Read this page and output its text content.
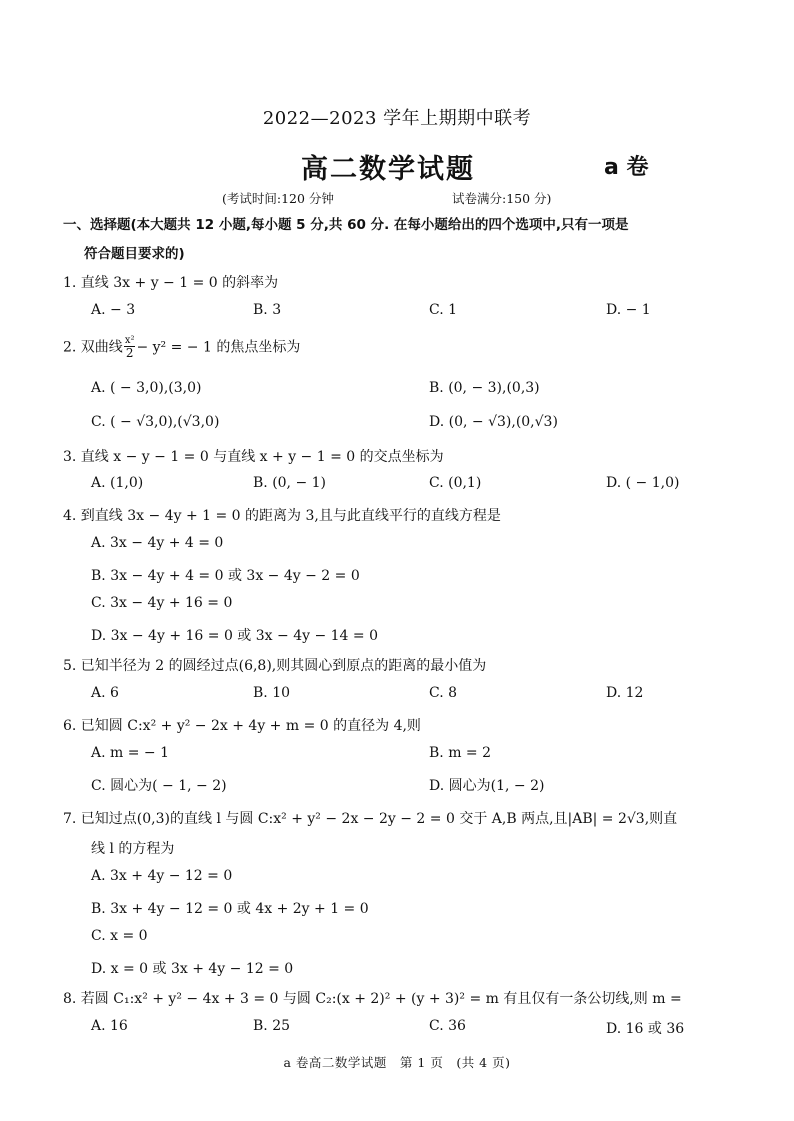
2022—2023 学年上期期中联考
高二数学试题	a 卷
(考试时间:120 分钟	试卷满分:150 分)
一、选择题(本大题共 12 小题,每小题 5 分,共 60 分. 在每小题给出的四个选项中,只有一项是
符合题目要求的)
1. 直线 3x + y − 1 = 0 的斜率为
A. − 3	B. 3	C. 1	D. − 1
2. 双曲线 $\frac{\text{x²}}{2} - y^2$ = − 1 的焦点坐标为
A. ( − 3,0),(3,0)	B. (0, − 3),(0,3)
C. ( − √3,0),(√3,0)	D. (0, − √3),(0,√3)
3. 直线 x − y − 1 = 0 与直线 x + y − 1 = 0 的交点坐标为
A. (1,0)	B. (0, − 1)	C. (0,1)	D. ( − 1,0)
4. 到直线 3x − 4y + 1 = 0 的距离为 3,且与此直线平行的直线方程是
A. 3x − 4y + 4 = 0
B. 3x − 4y + 4 = 0 或 3x − 4y − 2 = 0
C. 3x − 4y + 16 = 0
D. 3x − 4y + 16 = 0 或 3x − 4y − 14 = 0
5. 已知半径为 2 的圆经过点(6,8),则其圆心到原点的距离的最小值为
A. 6	B. 10	C. 8	D. 12
6. 已知圆 C:x² + y² − 2x + 4y + m = 0 的直径为 4,则
A. m = − 1	B. m = 2
C. 圆心为( − 1, − 2)	D. 圆心为(1, − 2)
7. 已知过点(0,3)的直线 l 与圆 C:x² + y² − 2x − 2y − 2 = 0 交于 A,B 两点,且|AB| = 2√3,则直
线 l 的方程为
A. 3x + 4y − 12 = 0
B. 3x + 4y − 12 = 0 或 4x + 2y + 1 = 0
C. x = 0
D. x = 0 或 3x + 4y − 12 = 0
8. 若圆 C₁:x² + y² − 4x + 3 = 0 与圆 C₂:(x + 2)² + (y + 3)² = m 有且仅有一条公切线,则 m =
A. 16	B. 25	C. 36	D. 16 或 36
a 卷高二数学试题　第 1 页　(共 4 页)
